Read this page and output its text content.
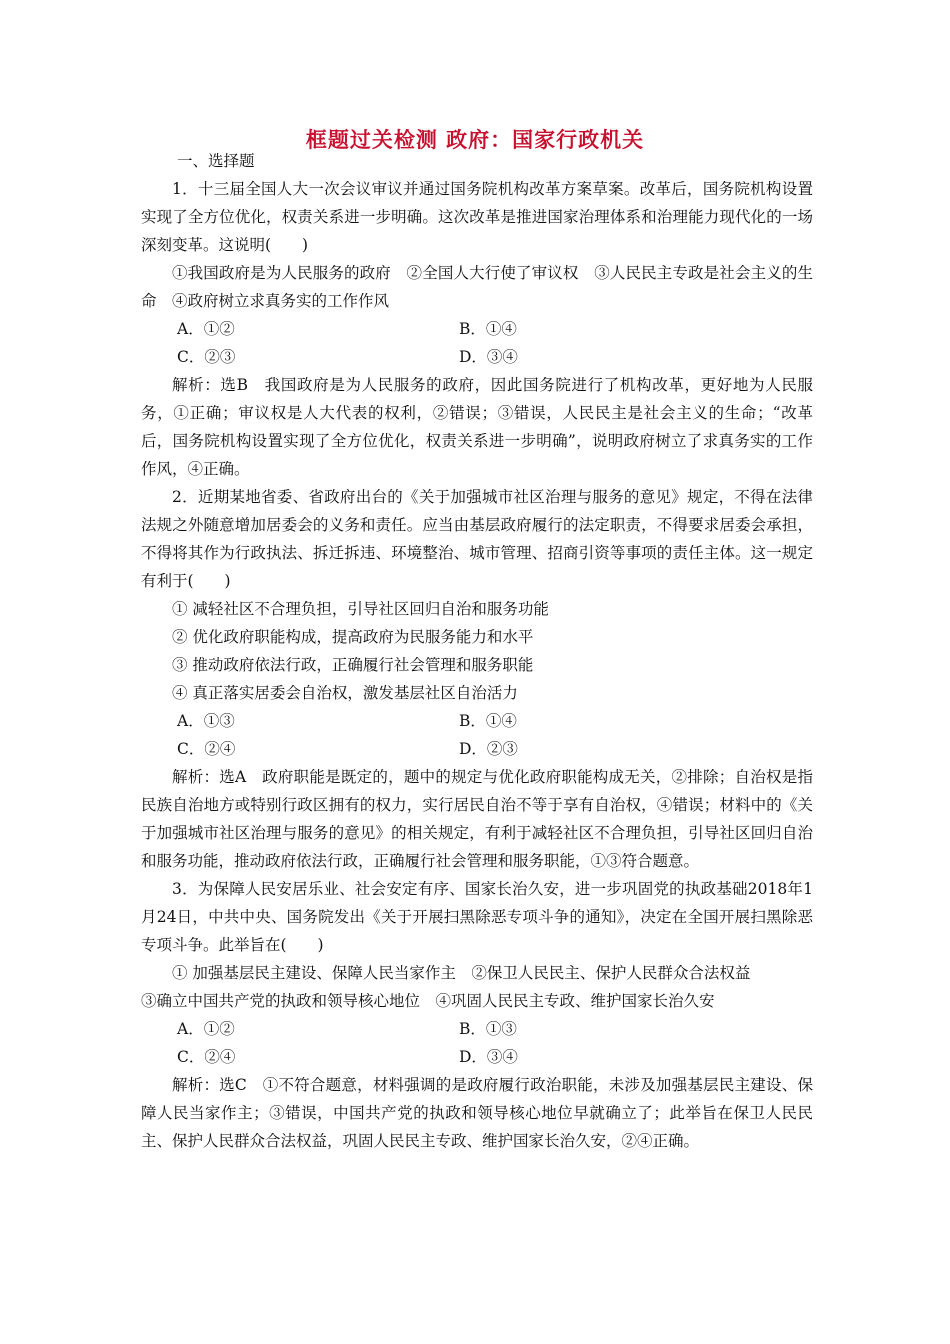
框题过关检测 政府：国家行政机关

一、选择题

1．十三届全国人大一次会议审议并通过国务院机构改革方案草案。改革后，国务院机构设置实现了全方位优化，权责关系进一步明确。这次改革是推进国家治理体系和治理能力现代化的一场深刻变革。这说明(　　)

①我国政府是为人民服务的政府　②全国人大行使了审议权　③人民民主专政是社会主义的生命　④政府树立求真务实的工作作风

A．①②	B．①④
C．②③	D．③④

解析：选B　我国政府是为人民服务的政府，因此国务院进行了机构改革，更好地为人民服务，①正确；审议权是人大代表的权利，②错误；③错误，人民民主是社会主义的生命；“改革后，国务院机构设置实现了全方位优化，权责关系进一步明确”，说明政府树立了求真务实的工作作风，④正确。

2．近期某地省委、省政府出台的《关于加强城市社区治理与服务的意见》规定，不得在法律法规之外随意增加居委会的义务和责任。应当由基层政府履行的法定职责，不得要求居委会承担，不得将其作为行政执法、拆迁拆违、环境整治、城市管理、招商引资等事项的责任主体。这一规定有利于(　　)

① 减轻社区不合理负担，引导社区回归自治和服务功能

② 优化政府职能构成，提高政府为民服务能力和水平

③ 推动政府依法行政，正确履行社会管理和服务职能

④ 真正落实居委会自治权，激发基层社区自治活力

A．①③	B．①④
C．②④	D．②③

解析：选A　政府职能是既定的，题中的规定与优化政府职能构成无关，②排除；自治权是指民族自治地方或特别行政区拥有的权力，实行居民自治不等于享有自治权，④错误；材料中的《关于加强城市社区治理与服务的意见》的相关规定，有利于减轻社区不合理负担，引导社区回归自治和服务功能，推动政府依法行政，正确履行社会管理和服务职能，①③符合题意。

3．为保障人民安居乐业、社会安定有序、国家长治久安，进一步巩固党的执政基础2018年1月24日，中共中央、国务院发出《关于开展扫黑除恶专项斗争的通知》，决定在全国开展扫黑除恶专项斗争。此举旨在(　　)

① 加强基层民主建设、保障人民当家作主　②保卫人民民主、保护人民群众合法权益

③确立中国共产党的执政和领导核心地位　④巩固人民民主专政、维护国家长治久安

A．①②	B．①③
C．②④	D．③④

解析：选C　①不符合题意，材料强调的是政府履行政治职能，未涉及加强基层民主建设、保障人民当家作主；③错误，中国共产党的执政和领导核心地位早就确立了；此举旨在保卫人民民主、保护人民群众合法权益，巩固人民民主专政、维护国家长治久安，②④正确。
